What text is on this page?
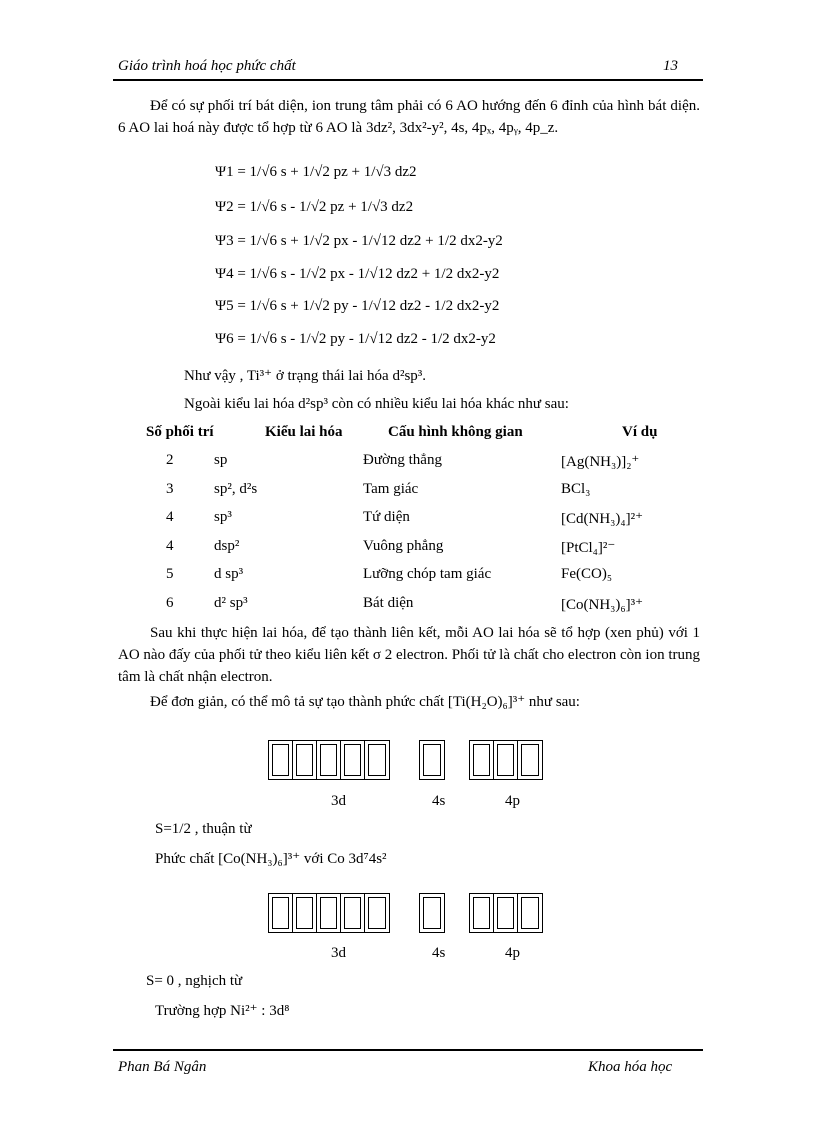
Giáo trình hoá học phức chất	13
Để có sự phối trí bát diện, ion trung tâm phải có 6 AO hướng đến 6 đỉnh của hình bát diện. 6 AO lai hoá này được tổ hợp từ 6 AO là 3dz², 3dx²-y², 4s, 4pₓ, 4pᵧ, 4p_z.
Ψ1 = 1/√6 s + 1/√2 pz + 1/√3 dz2
Ψ2 = 1/√6 s - 1/√2 pz + 1/√3 dz2
Ψ3 = 1/√6 s + 1/√2 px - 1/√12 dz2 + 1/2 dx2-y2
Ψ4 = 1/√6 s - 1/√2 px - 1/√12 dz2 + 1/2 dx2-y2
Ψ5 = 1/√6 s + 1/√2 py - 1/√12 dz2 - 1/2 dx2-y2
Ψ6 = 1/√6 s - 1/√2 py - 1/√12 dz2 - 1/2 dx2-y2
Như vậy , Ti³⁺ ở trạng thái lai hóa d²sp³.
Ngoài kiểu lai hóa d²sp³ còn có nhiều kiểu lai hóa khác như sau:
Số phối trí	Kiểu lai hóa	Cấu hình không gian	Ví dụ
2	sp	Đường thẳng	[Ag(NH₃)]₂⁺
3	sp², d²s	Tam giác	BCl₃
4	sp³	Tứ diện	[Cd(NH₃)₄]²⁺
4	dsp²	Vuông phẳng	[PtCl₄]²⁻
5	d sp³	Lưỡng chóp tam giác	Fe(CO)₅
6	d² sp³	Bát diện	[Co(NH₃)₆]³⁺
Sau khi thực hiện lai hóa, để tạo thành liên kết, mỗi AO lai hóa sẽ tổ hợp (xen phủ) với 1 AO nào đấy của phối tử theo kiểu liên kết σ 2 electron. Phối tử là chất cho electron còn ion trung tâm là chất nhận electron.
Để đơn giản, có thể mô tả sự tạo thành phức chất [Ti(H₂O)₆]³⁺ như sau:
3d	4s	4p
S=1/2 , thuận từ
Phức chất [Co(NH₃)₆]³⁺ với Co 3d⁷4s²
3d	4s	4p
S= 0 , nghịch từ
Trường hợp Ni²⁺ : 3d⁸
Phan Bá Ngân	Khoa hóa học
